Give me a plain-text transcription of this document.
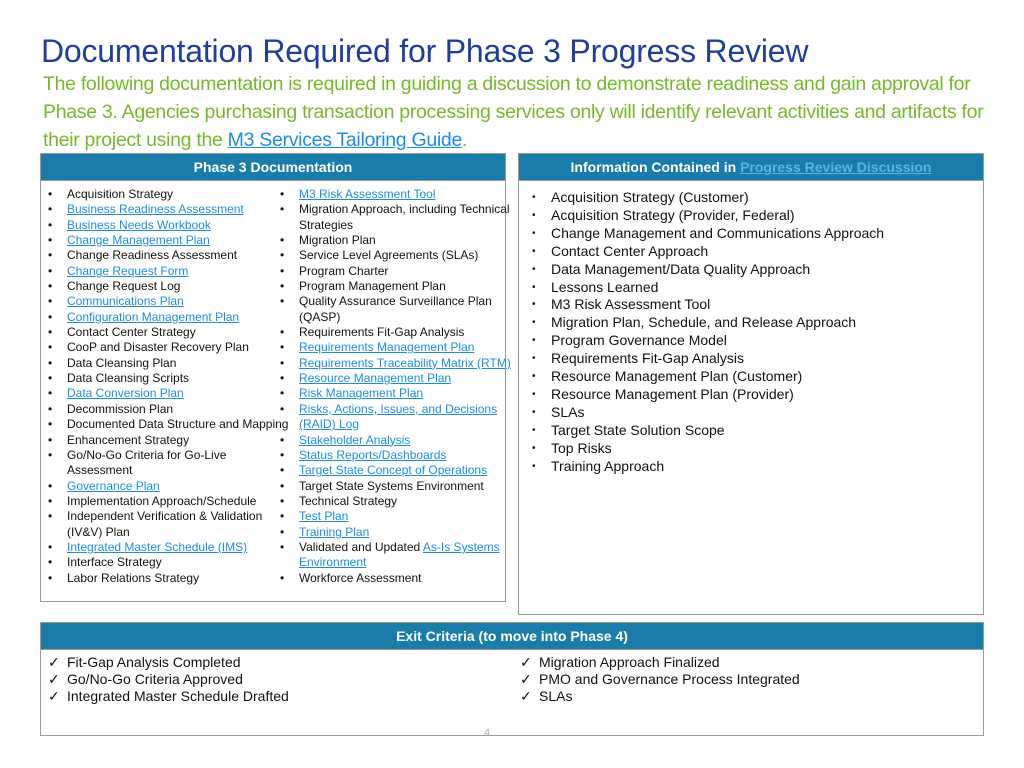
Documentation Required for Phase 3 Progress Review
The following documentation is required in guiding a discussion to demonstrate readiness and gain approval for Phase 3. Agencies purchasing transaction processing services only will identify relevant activities and artifacts for their project using the M3 Services Tailoring Guide.
Phase 3 Documentation
• Acquisition Strategy
• Business Readiness Assessment
• Business Needs Workbook
• Change Management Plan
• Change Readiness Assessment
• Change Request Form
• Change Request Log
• Communications Plan
• Configuration Management Plan
• Contact Center Strategy
• CooP and Disaster Recovery Plan
• Data Cleansing Plan
• Data Cleansing Scripts
• Data Conversion Plan
• Decommission Plan
• Documented Data Structure and Mapping
• Enhancement Strategy
• Go/No-Go Criteria for Go-Live
Assessment
• Governance Plan
• Implementation Approach/Schedule
• Independent Verification & Validation
(IV&V) Plan
• Integrated Master Schedule (IMS)
• Interface Strategy
• Labor Relations Strategy
• M3 Risk Assessment Tool
• Migration Approach, including Technical
Strategies
• Migration Plan
• Service Level Agreements (SLAs)
• Program Charter
• Program Management Plan
• Quality Assurance Surveillance Plan
(QASP)
• Requirements Fit-Gap Analysis
• Requirements Management Plan
• Requirements Traceability Matrix (RTM)
• Resource Management Plan
• Risk Management Plan
• Risks, Actions, Issues, and Decisions
(RAID) Log
• Stakeholder Analysis
• Status Reports/Dashboards
• Target State Concept of Operations
• Target State Systems Environment
• Technical Strategy
• Test Plan
• Training Plan
• Validated and Updated As-Is Systems
Environment
• Workforce Assessment
Information Contained in Progress Review Discussion
• Acquisition Strategy (Customer)
• Acquisition Strategy (Provider, Federal)
• Change Management and Communications Approach
• Contact Center Approach
• Data Management/Data Quality Approach
• Lessons Learned
• M3 Risk Assessment Tool
• Migration Plan, Schedule, and Release Approach
• Program Governance Model
• Requirements Fit-Gap Analysis
• Resource Management Plan (Customer)
• Resource Management Plan (Provider)
• SLAs
• Target State Solution Scope
• Top Risks
• Training Approach
Exit Criteria (to move into Phase 4)
✓ Fit-Gap Analysis Completed
✓ Go/No-Go Criteria Approved
✓ Integrated Master Schedule Drafted
✓ Migration Approach Finalized
✓ PMO and Governance Process Integrated
✓ SLAs
4
